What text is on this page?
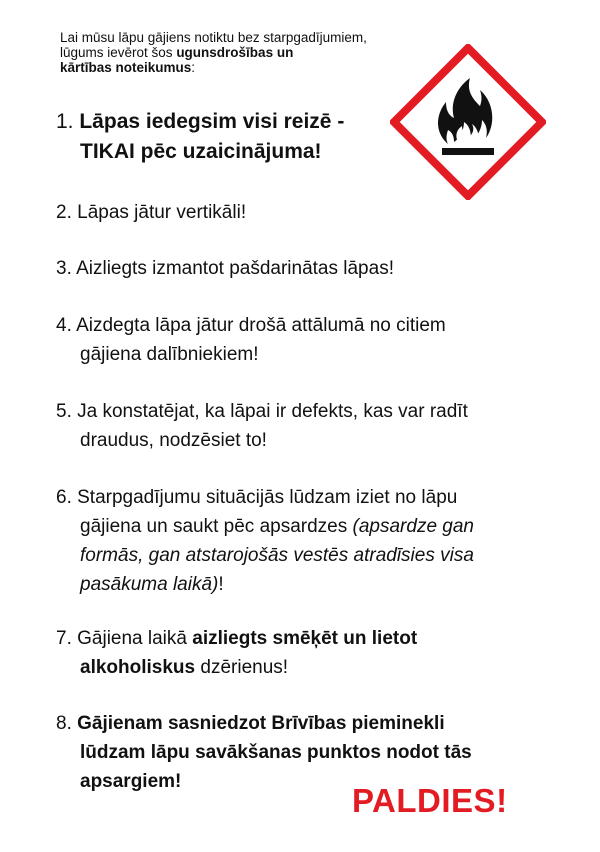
Lai mūsu lāpu gājiens notiktu bez starpgadījumiem,
lūgums ievērot šos ugunsdrošības un
kārtības noteikumus:
1. Lāpas iedegsim visi reizē -
TIKAI pēc uzaicinājuma!
2. Lāpas jātur vertikāli!
3. Aizliegts izmantot pašdarinātas lāpas!
4. Aizdegta lāpa jātur drošā attālumā no citiem
gājiena dalībniekiem!
5. Ja konstatējat, ka lāpai ir defekts, kas var radīt
draudus, nodzēsiet to!
6. Starpgadījumu situācijās lūdzam iziet no lāpu
gājiena un saukt pēc apsardzes (apsardze gan
formās, gan atstarojošās vestēs atradīsies visa
pasākuma laikā)!
7. Gājiena laikā aizliegts smēķēt un lietot
alkoholiskus dzērienus!
8. Gājienam sasniedzot Brīvības pieminekli
lūdzam lāpu savākšanas punktos nodot tās
apsargiem!
PALDIES!
